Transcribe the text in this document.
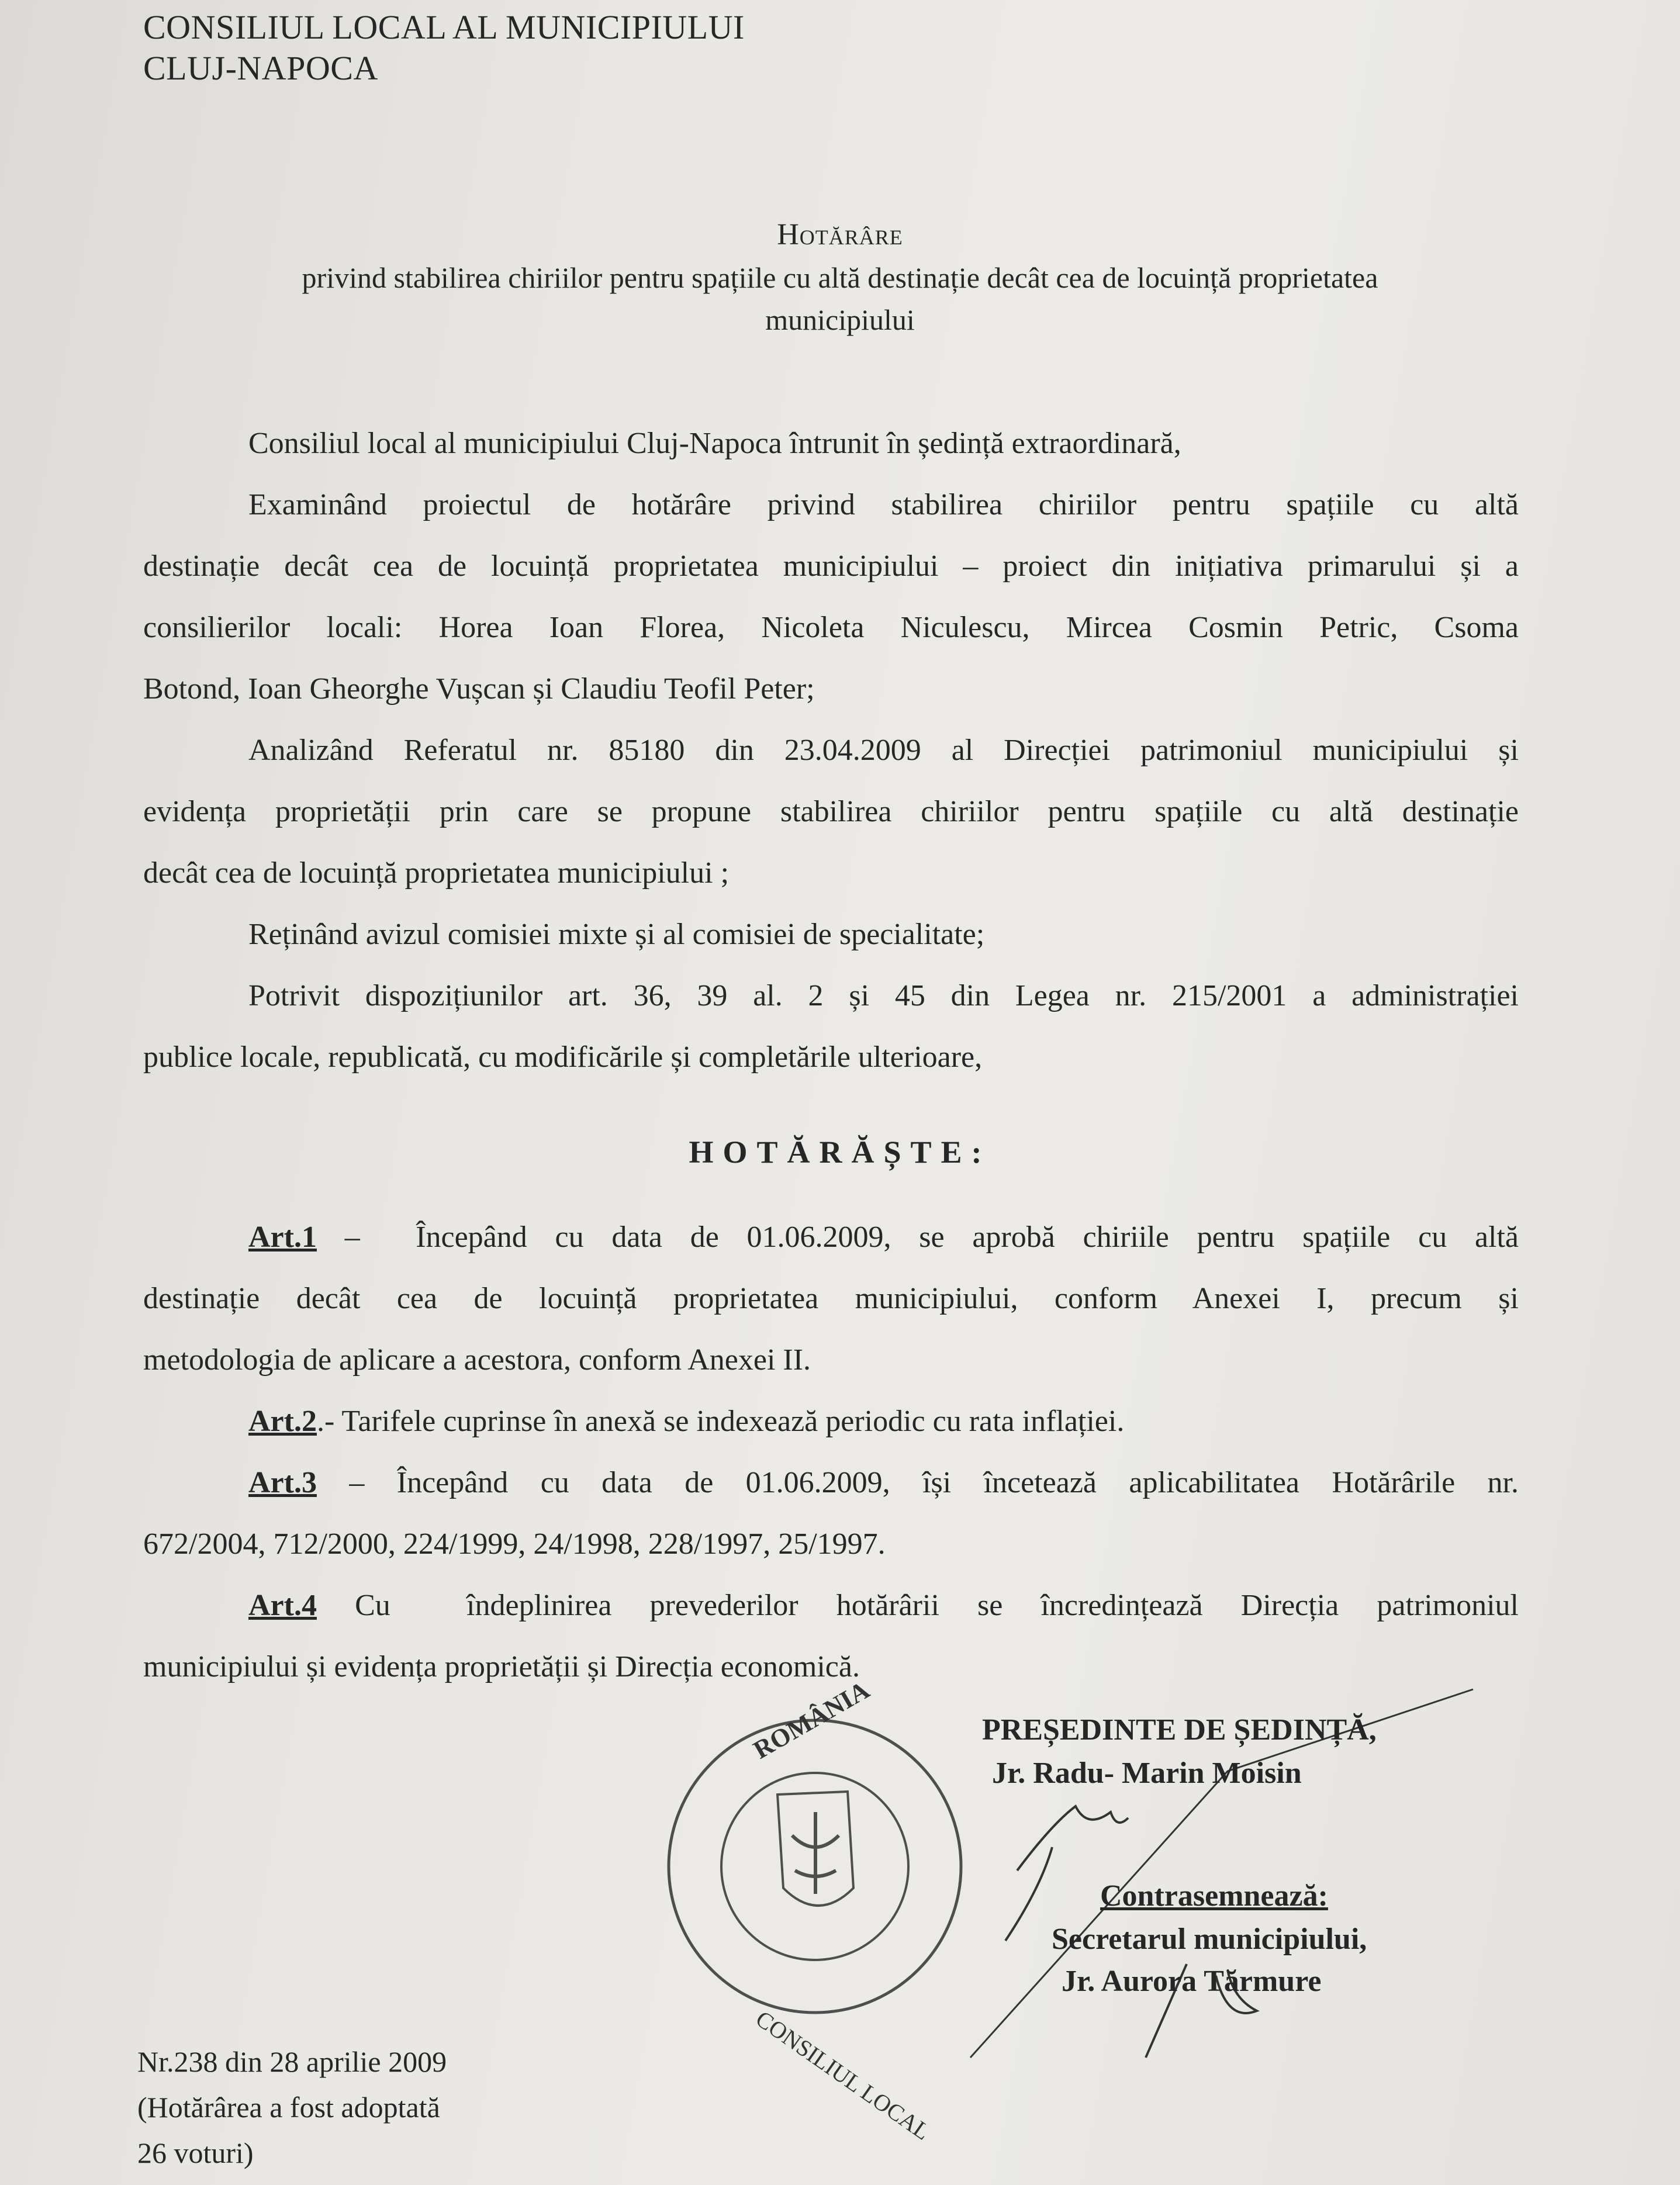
CONSILIUL LOCAL AL MUNICIPIULUI
CLUJ-NAPOCA
Hotărâre
privind stabilirea chiriilor pentru spațiile cu altă destinație decât cea de locuință proprietatea
municipiului
Consiliul local al municipiului Cluj-Napoca întrunit în ședință extraordinară,
Examinând proiectul de hotărâre privind stabilirea chiriilor pentru spațiile cu altă
destinație decât cea de locuință proprietatea municipiului – proiect din inițiativa primarului și a
consilierilor locali: Horea Ioan Florea, Nicoleta Niculescu, Mircea Cosmin Petric, Csoma
Botond, Ioan Gheorghe Vușcan și Claudiu Teofil Peter;
Analizând Referatul nr. 85180 din 23.04.2009 al Direcției patrimoniul municipiului și
evidența proprietății prin care se propune stabilirea chiriilor pentru spațiile cu altă destinație
decât cea de locuință proprietatea municipiului ;
Reținând avizul comisiei mixte și al comisiei de specialitate;
Potrivit dispozițiunilor art. 36, 39 al. 2 și 45 din Legea nr. 215/2001 a administrației
publice locale, republicată, cu modificările și completările ulterioare,
HOTĂRĂȘTE:
Art.1 –  Începând cu data de 01.06.2009, se aprobă chiriile pentru spațiile cu altă
destinație decât cea de locuință proprietatea municipiului, conform Anexei I, precum și
metodologia de aplicare a acestora, conform Anexei II.
Art.2.- Tarifele cuprinse în anexă se indexează periodic cu rata inflației.
Art.3 – Începând cu data de 01.06.2009, își încetează aplicabilitatea Hotărârile nr.
672/2004, 712/2000, 224/1999, 24/1998, 228/1997, 25/1997.
Art.4 Cu  îndeplinirea prevederilor hotărârii se încredințează Direcția patrimoniul
municipiului și evidența proprietății și Direcția economică.
ROMÂNIA
CONSILIUL LOCAL
PREȘEDINTE DE ȘEDINȚĂ,
Jr. Radu- Marin Moisin
Contrasemnează:
Secretarul municipiului,
Jr. Aurora Tărmure
Nr.238 din 28 aprilie 2009
(Hotărârea a fost adoptată
26 voturi)
